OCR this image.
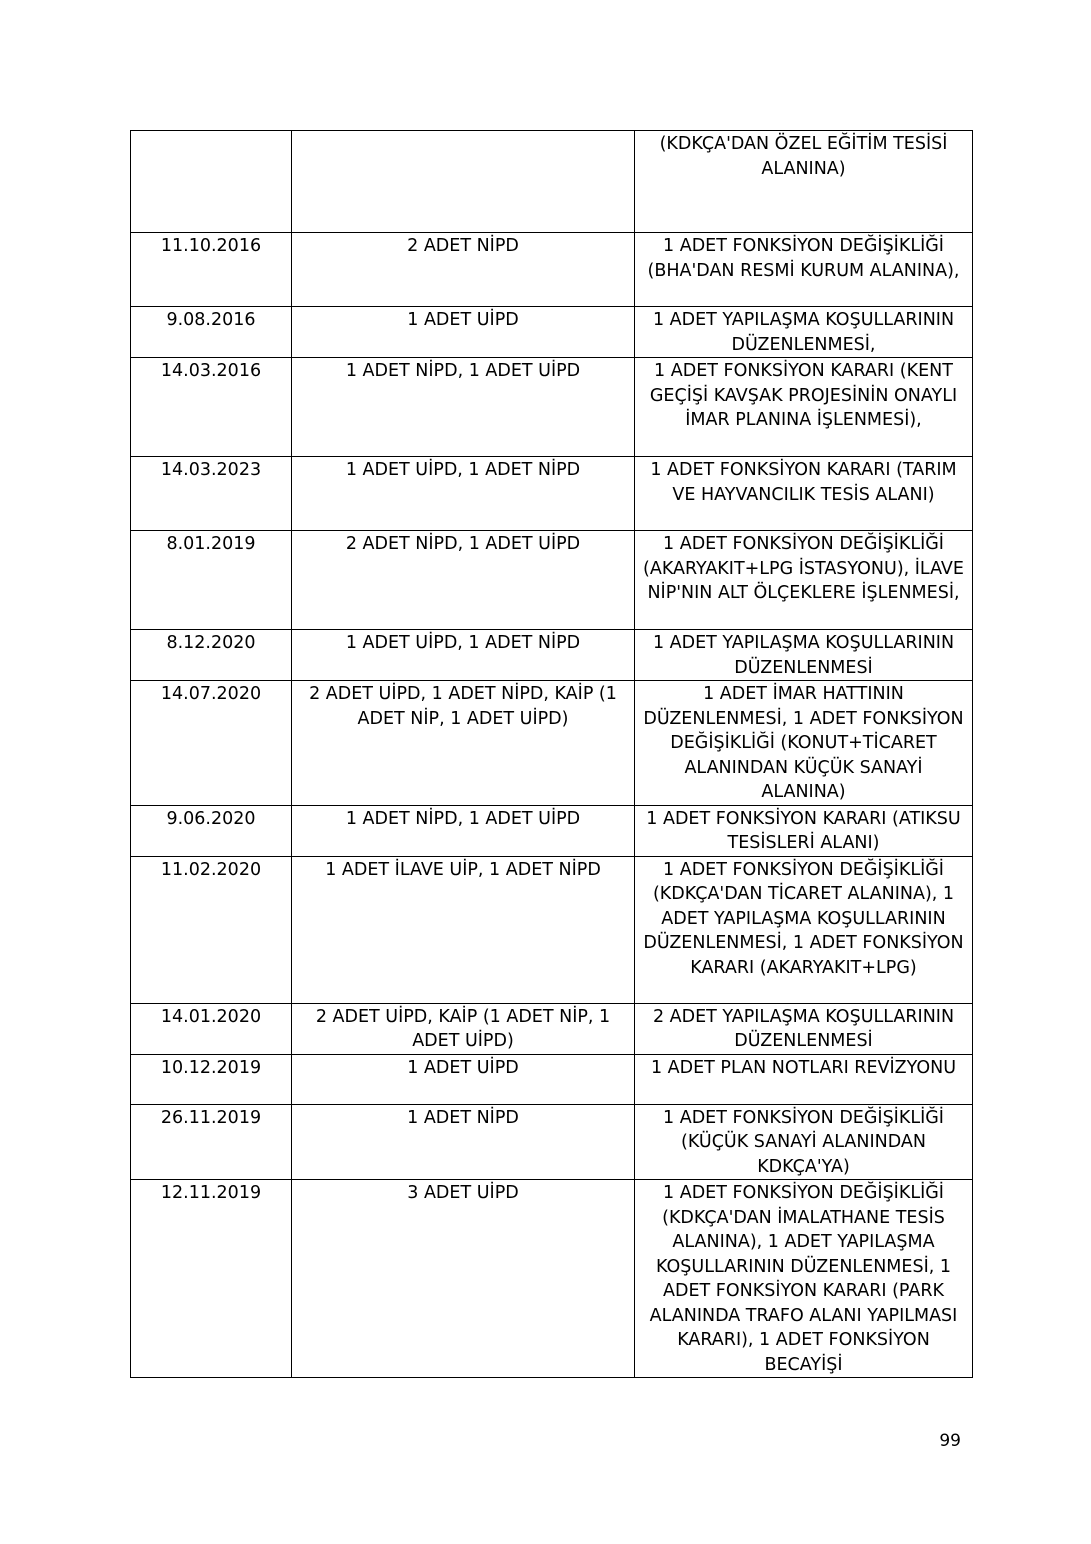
		(KDKÇA'DAN ÖZEL EĞİTİM TESİSİ ALANINA)
11.10.2016	2 ADET NİPD	1 ADET FONKSİYON DEĞİŞİKLİĞİ (BHA'DAN RESMİ KURUM ALANINA),
9.08.2016	1 ADET UİPD	1 ADET YAPILAŞMA KOŞULLARININ DÜZENLENMESİ,
14.03.2016	1 ADET NİPD, 1 ADET UİPD	1 ADET FONKSİYON KARARI (KENT GEÇİŞİ KAVŞAK PROJESİNİN ONAYLI İMAR PLANINA İŞLENMESİ),
14.03.2023	1 ADET UİPD, 1 ADET NİPD	1 ADET FONKSİYON KARARI (TARIM VE HAYVANCILIK TESİS ALANI)
8.01.2019	2 ADET NİPD, 1 ADET UİPD	1 ADET FONKSİYON DEĞİŞİKLİĞİ (AKARYAKIT+LPG İSTASYONU), İLAVE NİP'NIN ALT ÖLÇEKLERE İŞLENMESİ,
8.12.2020	1 ADET UİPD, 1 ADET NİPD	1 ADET YAPILAŞMA KOŞULLARININ DÜZENLENMESİ
14.07.2020	2 ADET UİPD, 1 ADET NİPD, KAİP (1 ADET NİP, 1 ADET UİPD)	1 ADET İMAR HATTININ DÜZENLENMESİ, 1 ADET FONKSİYON DEĞİŞİKLİĞİ (KONUT+TİCARET ALANINDAN KÜÇÜK SANAYİ ALANINA)
9.06.2020	1 ADET NİPD, 1 ADET UİPD	1 ADET FONKSİYON KARARI (ATIKSU TESİSLERİ ALANI)
11.02.2020	1 ADET İLAVE UİP, 1 ADET NİPD	1 ADET FONKSİYON DEĞİŞİKLİĞİ (KDKÇA'DAN TİCARET ALANINA), 1 ADET YAPILAŞMA KOŞULLARININ DÜZENLENMESİ, 1 ADET FONKSİYON KARARI (AKARYAKIT+LPG)
14.01.2020	2 ADET UİPD, KAİP (1 ADET NİP, 1 ADET UİPD)	2 ADET YAPILAŞMA KOŞULLARININ DÜZENLENMESİ
10.12.2019	1 ADET UİPD	1 ADET PLAN NOTLARI REVİZYONU
26.11.2019	1 ADET NİPD	1 ADET FONKSİYON DEĞİŞİKLİĞİ (KÜÇÜK SANAYİ ALANINDAN KDKÇA'YA)
12.11.2019	3 ADET UİPD	1 ADET FONKSİYON DEĞİŞİKLİĞİ (KDKÇA'DAN İMALATHANE TESİS ALANINA), 1 ADET YAPILAŞMA KOŞULLARININ DÜZENLENMESİ, 1 ADET FONKSİYON KARARI (PARK ALANINDA TRAFO ALANI YAPILMASI KARARI), 1 ADET FONKSİYON BECAYİŞİ
99
